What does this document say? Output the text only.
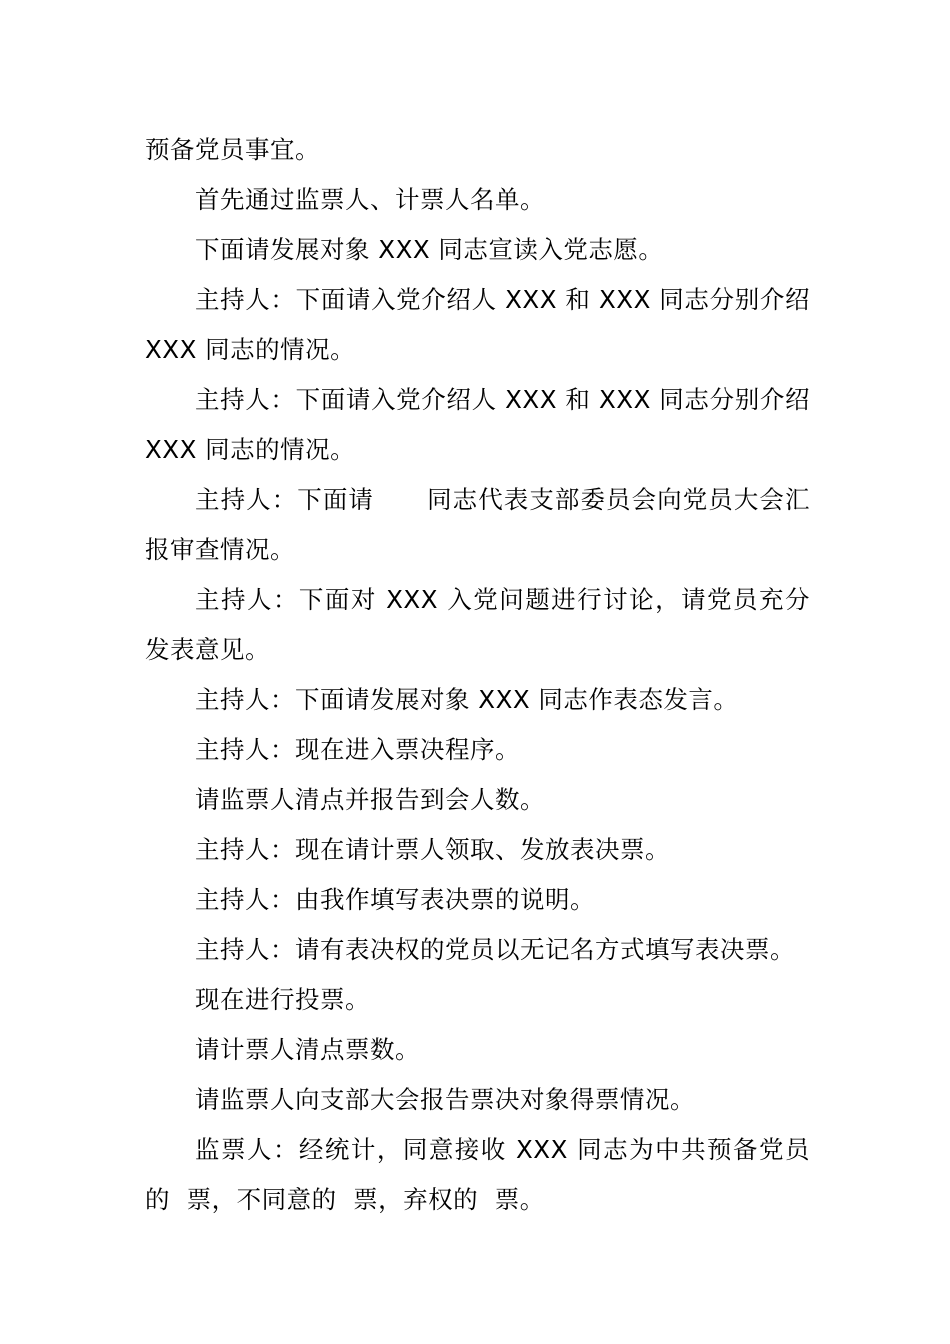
预备党员事宜。

首先通过监票人、计票人名单。

下面请发展对象 XXX 同志宣读入党志愿。

主持人：下面请入党介绍人 XXX 和 XXX 同志分别介绍 XXX 同志的情况。

主持人：下面请入党介绍人 XXX 和 XXX 同志分别介绍 XXX 同志的情况。

主持人：下面请      同志代表支部委员会向党员大会汇报审查情况。

主持人：下面对 XXX 入党问题进行讨论，请党员充分发表意见。

主持人：下面请发展对象 XXX 同志作表态发言。

主持人：现在进入票决程序。

请监票人清点并报告到会人数。

主持人：现在请计票人领取、发放表决票。

主持人：由我作填写表决票的说明。

主持人：请有表决权的党员以无记名方式填写表决票。

现在进行投票。

请计票人清点票数。

请监票人向支部大会报告票决对象得票情况。

监票人：经统计，同意接收 XXX 同志为中共预备党员的  票，不同意的  票，弃权的  票。
